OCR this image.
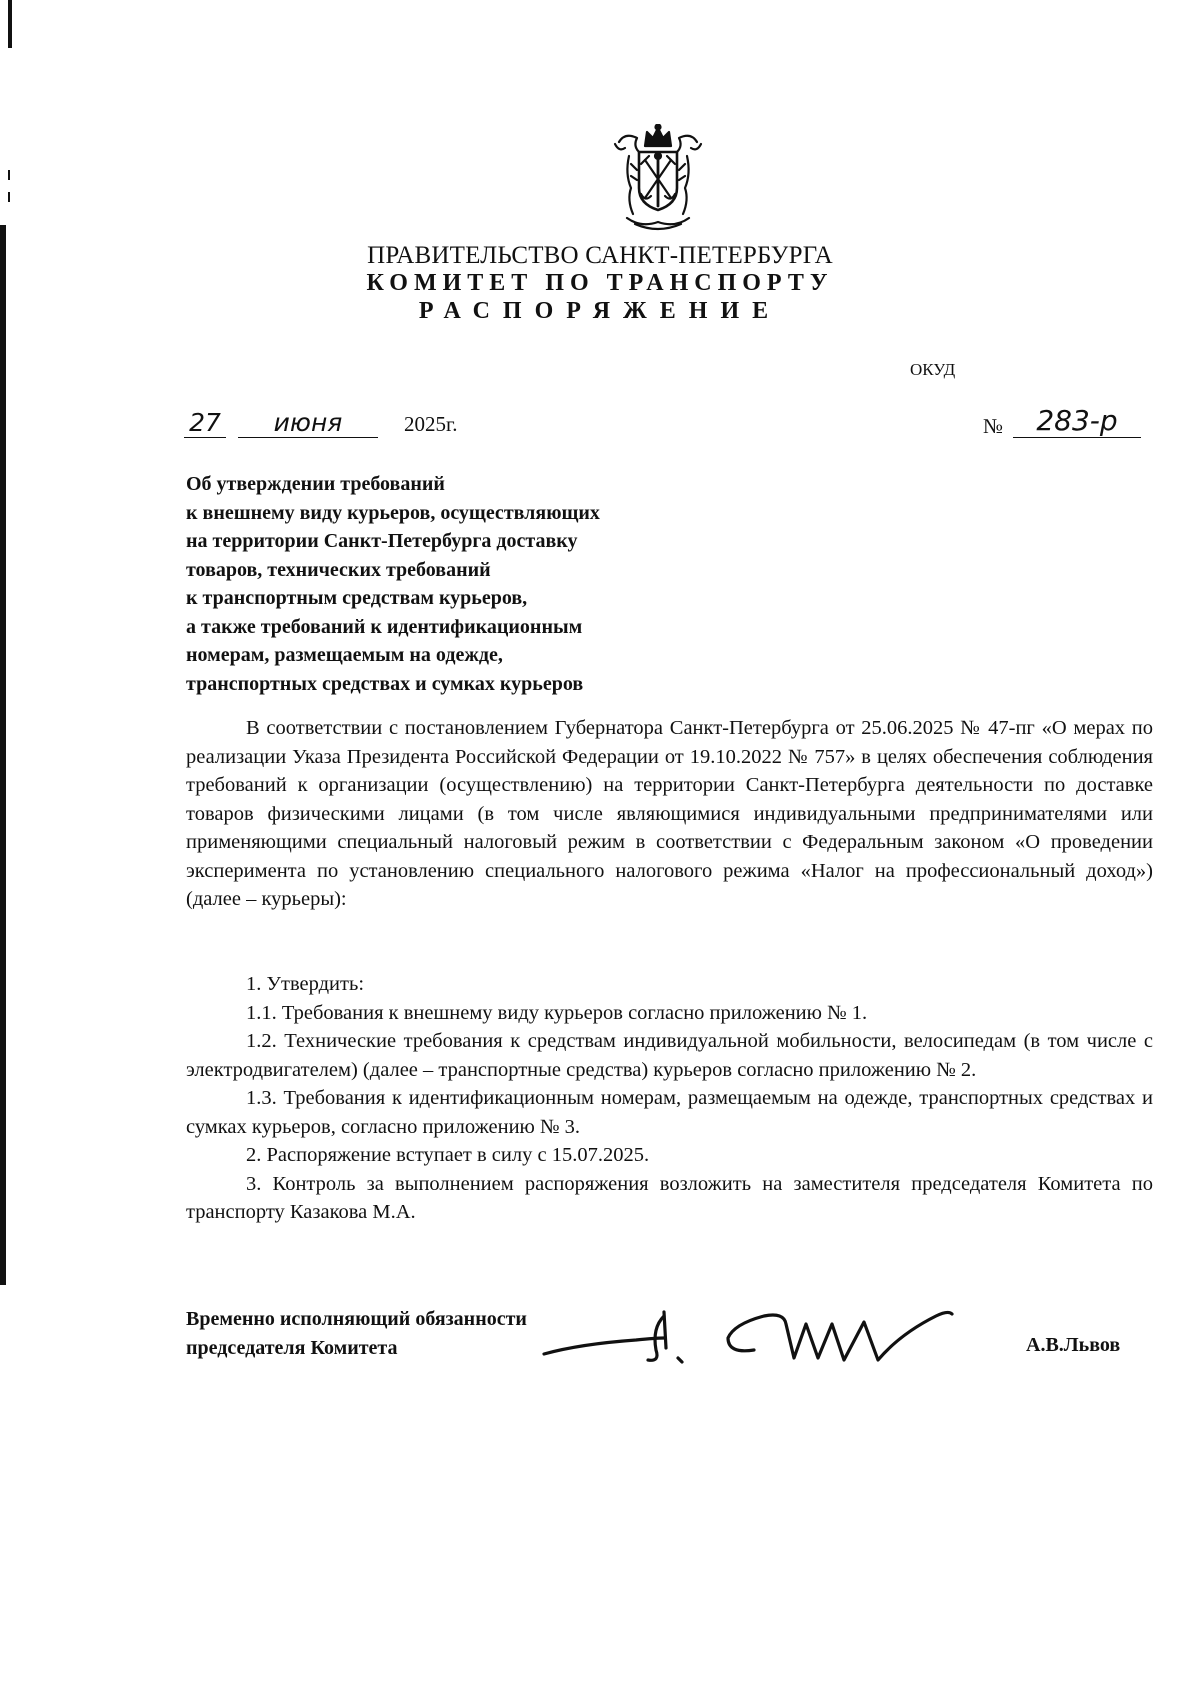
ПРАВИТЕЛЬСТВО САНКТ-ПЕТЕРБУРГА
КОМИТЕТ ПО ТРАНСПОРТУ
РАСПОРЯЖЕНИЕ
ОКУД
27	июня	2025г.	№	283-р
Об утверждении требований
к внешнему виду курьеров, осуществляющих
на территории Санкт-Петербурга доставку
товаров, технических требований
к транспортным средствам курьеров,
а также требований к идентификационным
номерам, размещаемым на одежде,
транспортных средствах и сумках курьеров

В соответствии с постановлением Губернатора Санкт-Петербурга от 25.06.2025 № 47-пг «О мерах по реализации Указа Президента Российской Федерации от 19.10.2022 № 757» в целях обеспечения соблюдения требований к организации (осуществлению) на территории Санкт-Петербурга деятельности по доставке товаров физическими лицами (в том числе являющимися индивидуальными предпринимателями или применяющими специальный налоговый режим в соответствии с Федеральным законом «О проведении эксперимента по установлению специального налогового режима «Налог на профессиональный доход») (далее – курьеры):

1. Утвердить:

1.1. Требования к внешнему виду курьеров согласно приложению № 1.

1.2. Технические требования к средствам индивидуальной мобильности, велосипедам (в том числе с электродвигателем) (далее – транспортные средства) курьеров согласно приложению № 2.

1.3. Требования к идентификационным номерам, размещаемым на одежде, транспортных средствах и сумках курьеров, согласно приложению № 3.

2. Распоряжение вступает в силу с 15.07.2025.

3. Контроль за выполнением распоряжения возложить на заместителя председателя Комитета по транспорту Казакова М.А.

Временно исполняющий обязанности
председателя Комитета	А.В.Львов
